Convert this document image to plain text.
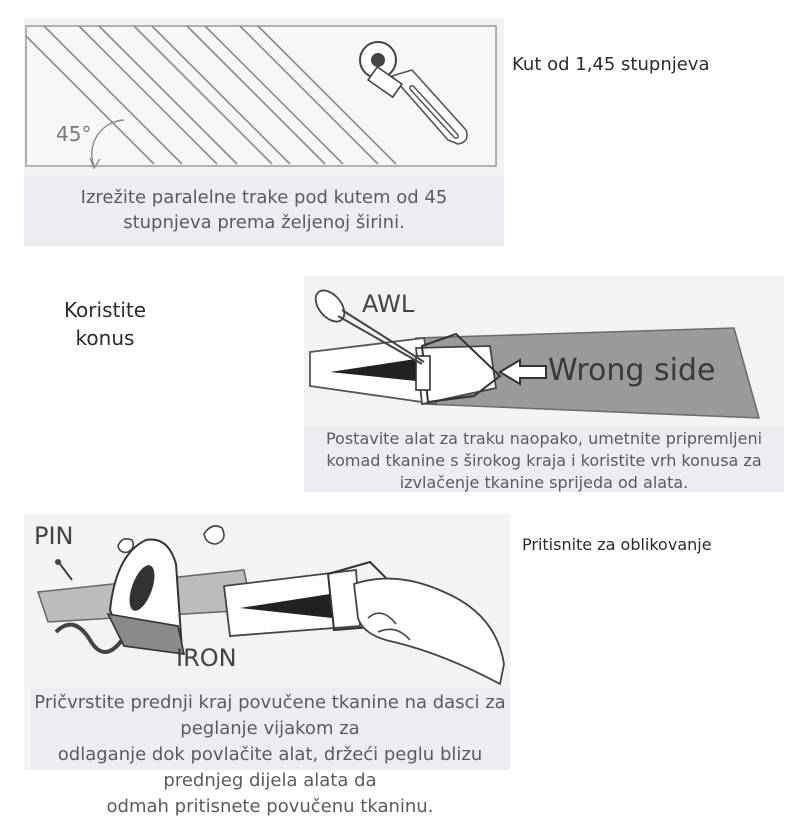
45°
Izrežite paralelne trake pod kutem od 45
stupnjeva prema željenoj širini.
Kut od 1,45 stupnjeva
Koristite
konus
AWL
Wrong side
Postavite alat za traku naopako, umetnite pripremljeni
komad tkanine s širokog kraja i koristite vrh konusa za
izvlačenje tkanine sprijeda od alata.
PIN
IRON
Pričvrstite prednji kraj povučene tkanine na dasci za peglanje vijakom za
odlaganje dok povlačite alat, držeći peglu blizu prednjeg dijela alata da
odmah pritisnete povučenu tkaninu.
Pritisnite za oblikovanje
